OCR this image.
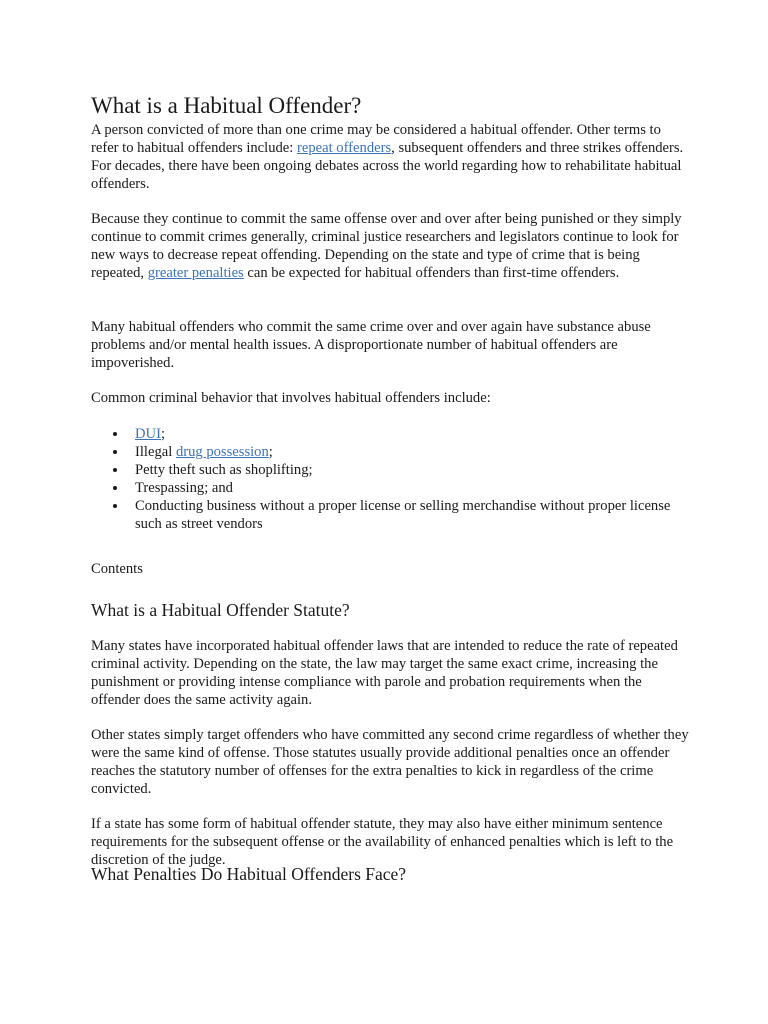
What is a Habitual Offender?

A person convicted of more than one crime may be considered a habitual offender. Other terms to refer to habitual offenders include: repeat offenders, subsequent offenders and three strikes offenders. For decades, there have been ongoing debates across the world regarding how to rehabilitate habitual offenders.

Because they continue to commit the same offense over and over after being punished or they simply continue to commit crimes generally, criminal justice researchers and legislators continue to look for new ways to decrease repeat offending. Depending on the state and type of crime that is being repeated, greater penalties can be expected for habitual offenders than first-time offenders.

Many habitual offenders who commit the same crime over and over again have substance abuse problems and/or mental health issues. A disproportionate number of habitual offenders are impoverished.

Common criminal behavior that involves habitual offenders include:

DUI;
Illegal drug possession;
Petty theft such as shoplifting;
Trespassing; and
Conducting business without a proper license or selling merchandise without proper license such as street vendors

Contents

What is a Habitual Offender Statute?

Many states have incorporated habitual offender laws that are intended to reduce the rate of repeated criminal activity. Depending on the state, the law may target the same exact crime, increasing the punishment or providing intense compliance with parole and probation requirements when the offender does the same activity again.

Other states simply target offenders who have committed any second crime regardless of whether they were the same kind of offense. Those statutes usually provide additional penalties once an offender reaches the statutory number of offenses for the extra penalties to kick in regardless of the crime convicted.

If a state has some form of habitual offender statute, they may also have either minimum sentence requirements for the subsequent offense or the availability of enhanced penalties which is left to the discretion of the judge.

What Penalties Do Habitual Offenders Face?
